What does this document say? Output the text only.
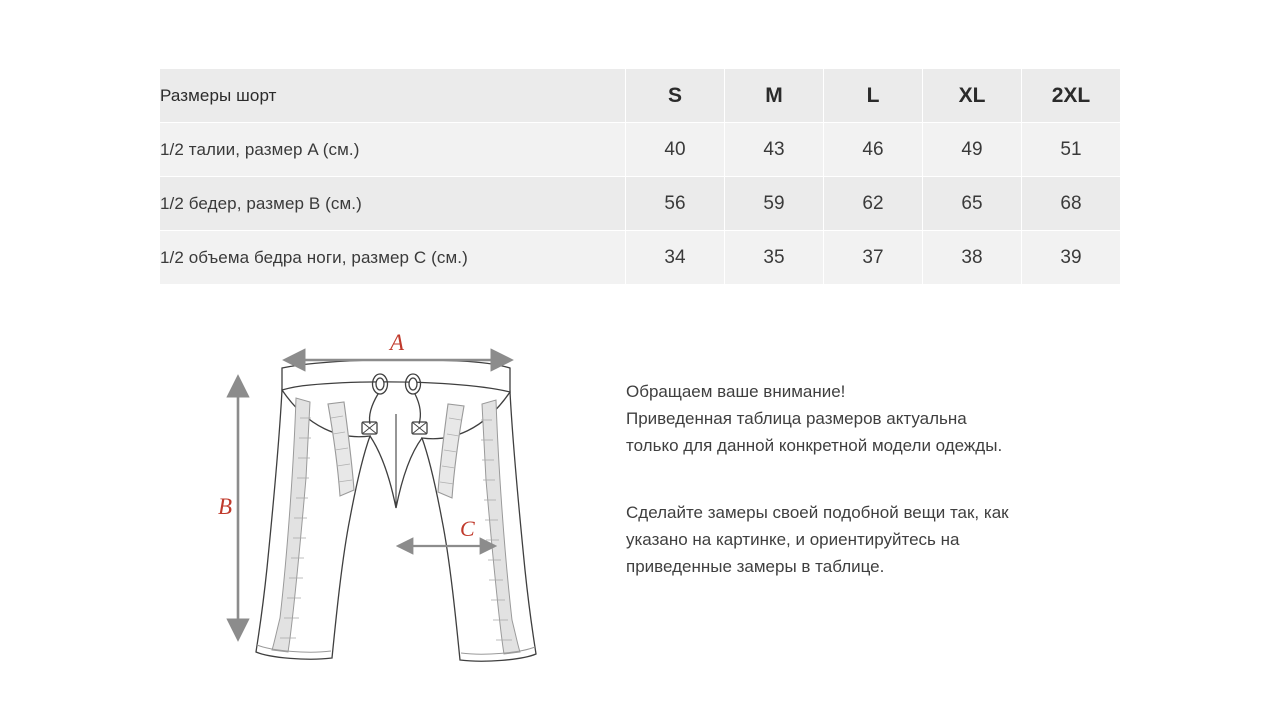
Размеры шорт	S	M	L	XL	2XL
1/2 талии, размер A (см.)	40	43	46	49	51
1/2 бедер, размер B (см.)	56	59	62	65	68
1/2 объема бедра ноги, размер C (см.)	34	35	37	38	39
A
B
C

Обращаем ваше внимание!

Приведенная таблица размеров актуальна

только для данной конкретной модели одежды.

Сделайте замеры своей подобной вещи так, как

указано на картинке, и ориентируйтесь на

приведенные замеры в таблице.
